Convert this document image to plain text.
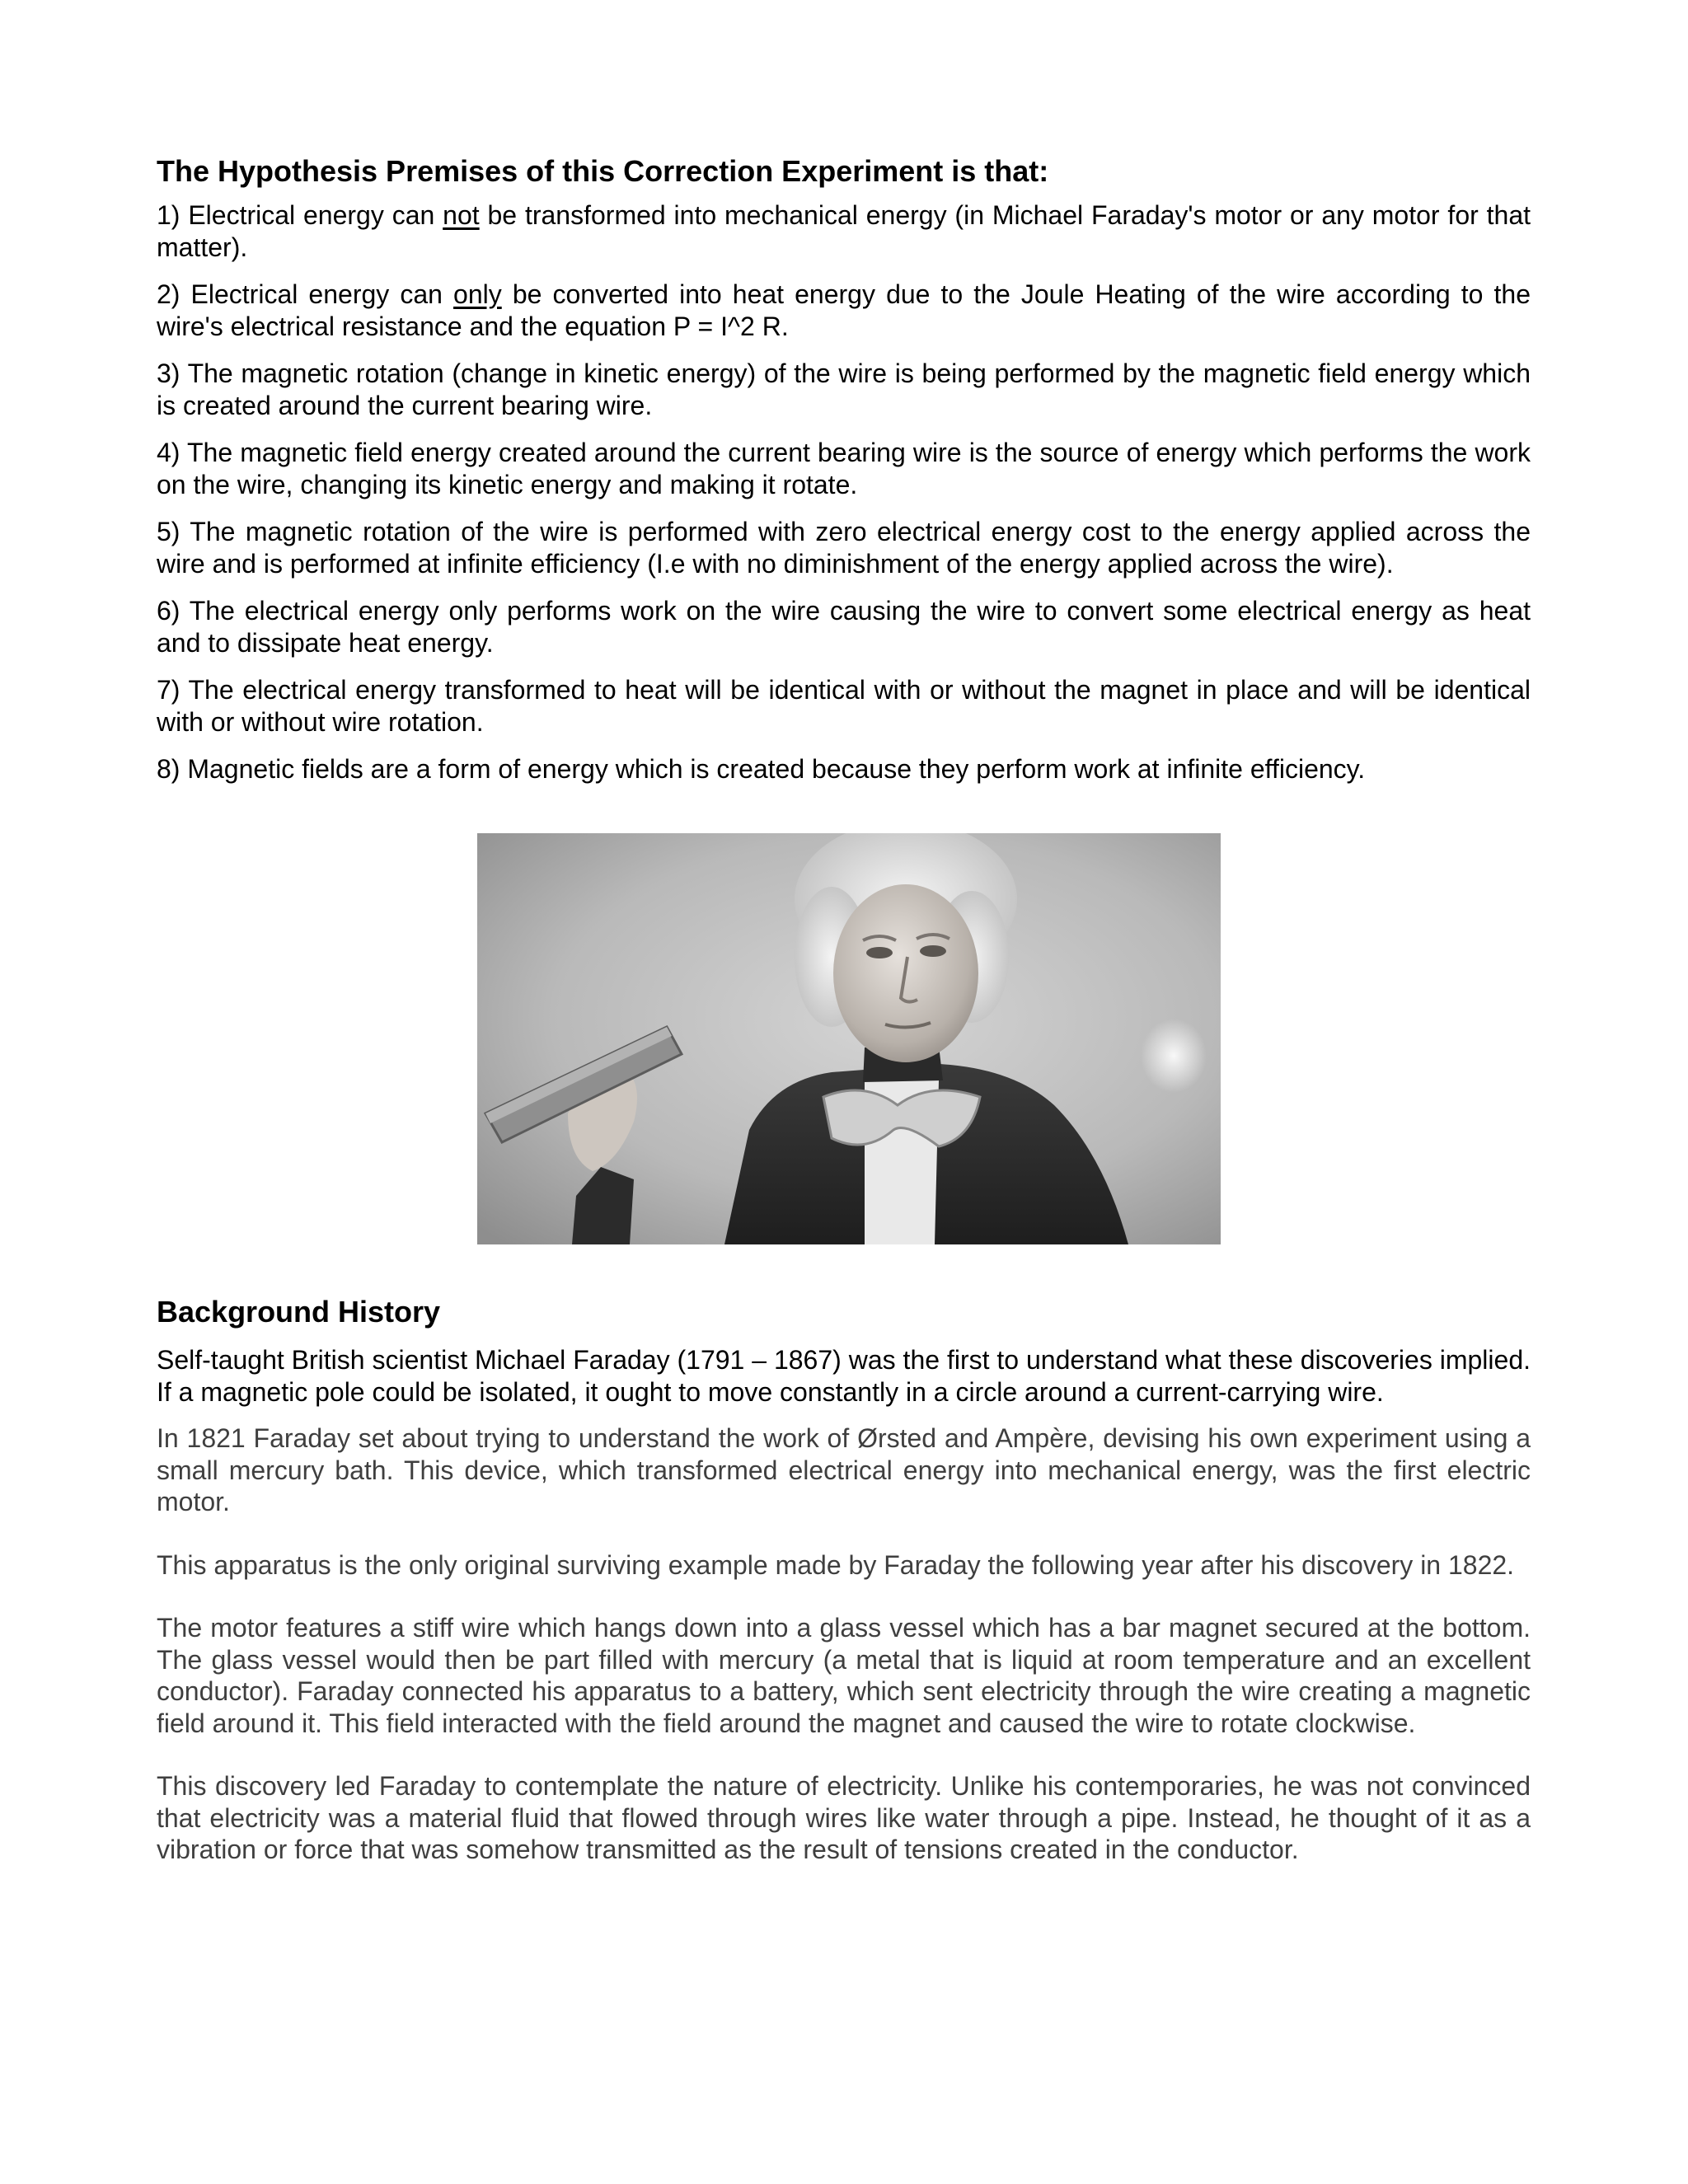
The Hypothesis Premises of this Correction Experiment is that:

1) Electrical energy can not be transformed into mechanical energy (in Michael Faraday's motor or any motor for that matter).

2) Electrical energy can only be converted into heat energy due to the Joule Heating of the wire according to the wire's electrical resistance and the equation P = I^2 R.

3) The magnetic rotation (change in kinetic energy) of the wire is being performed by the magnetic field energy which is created around the current bearing wire.

4) The magnetic field energy created around the current bearing wire is the source of energy which performs the work on the wire, changing its kinetic energy and making it rotate.

5) The magnetic rotation of the wire is performed with zero electrical energy cost to the energy applied across the wire and is performed at infinite efficiency (I.e with no diminishment of the energy applied across the wire).

6) The electrical energy only performs work on the wire causing the wire to convert some electrical energy as heat and to dissipate heat energy.

7) The electrical energy transformed to heat will be identical with or without the magnet in place and will be identical with or without wire rotation.

8) Magnetic fields are a form of energy which is created because they perform work at infinite efficiency.

Background History

Self-taught British scientist Michael Faraday (1791 – 1867) was the first to understand what these discoveries implied. If a magnetic pole could be isolated, it ought to move constantly in a circle around a current-carrying wire.

In 1821 Faraday set about trying to understand the work of Ørsted and Ampère, devising his own experiment using a small mercury bath. This device, which transformed electrical energy into mechanical energy, was the first electric motor.

This apparatus is the only original surviving example made by Faraday the following year after his discovery in 1822.

The motor features a stiff wire which hangs down into a glass vessel which has a bar magnet secured at the bottom. The glass vessel would then be part filled with mercury (a metal that is liquid at room temperature and an excellent conductor). Faraday connected his apparatus to a battery, which sent electricity through the wire creating a magnetic field around it. This field interacted with the field around the magnet and caused the wire to rotate clockwise.

This discovery led Faraday to contemplate the nature of electricity. Unlike his contemporaries, he was not convinced that electricity was a material fluid that flowed through wires like water through a pipe. Instead, he thought of it as a vibration or force that was somehow transmitted as the result of tensions created in the conductor.
